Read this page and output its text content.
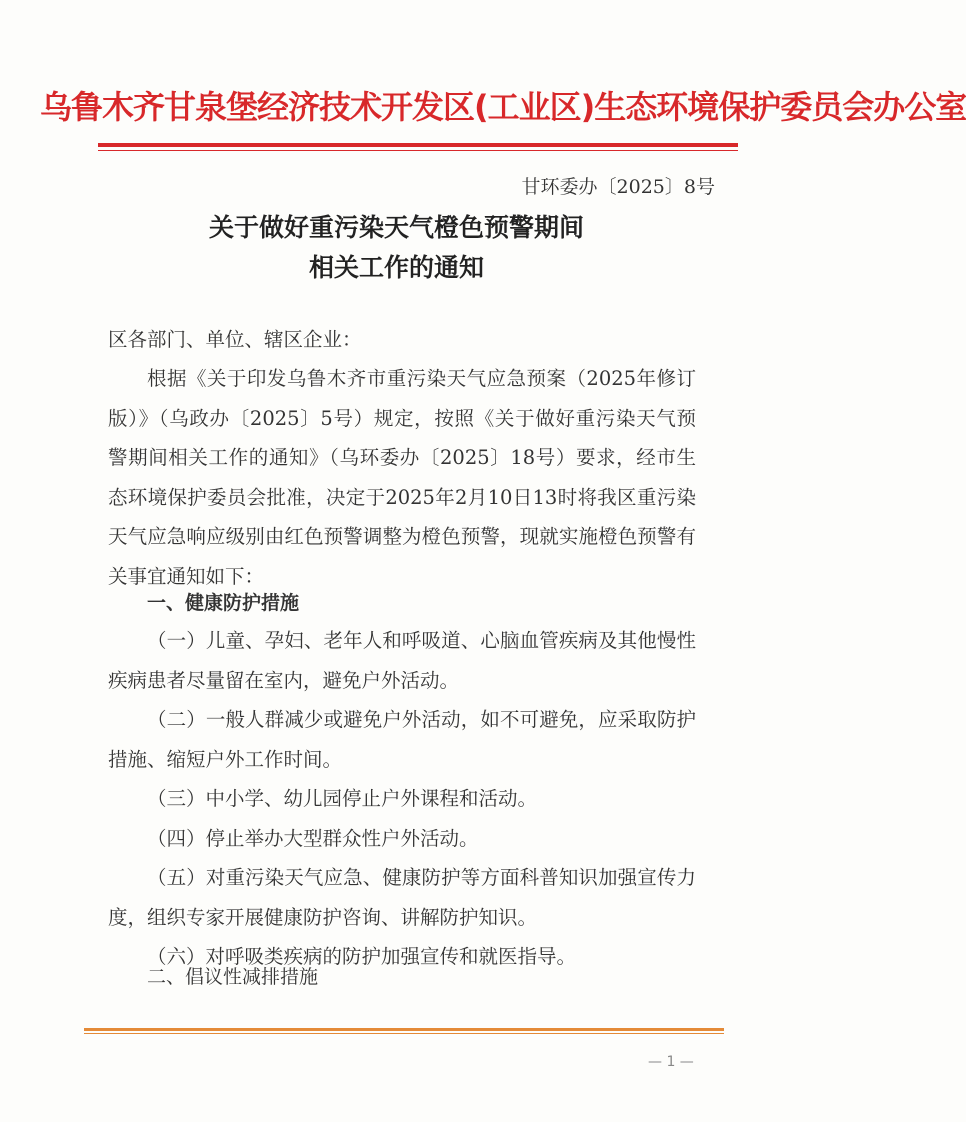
乌鲁木齐甘泉堡经济技术开发区(工业区)生态环境保护委员会办公室
甘环委办〔2025〕8号
关于做好重污染天气橙色预警期间
相关工作的通知
区各部门、单位、辖区企业：

根据《关于印发乌鲁木齐市重污染天气应急预案（2025年修订版）》（乌政办〔2025〕5号）规定，按照《关于做好重污染天气预警期间相关工作的通知》（乌环委办〔2025〕18号）要求，经市生态环境保护委员会批准，决定于2025年2月10日13时将我区重污染天气应急响应级别由红色预警调整为橙色预警，现就实施橙色预警有关事宜通知如下：

一、健康防护措施

（一）儿童、孕妇、老年人和呼吸道、心脑血管疾病及其他慢性疾病患者尽量留在室内，避免户外活动。

（二）一般人群减少或避免户外活动，如不可避免，应采取防护措施、缩短户外工作时间。

（三）中小学、幼儿园停止户外课程和活动。

（四）停止举办大型群众性户外活动。

（五）对重污染天气应急、健康防护等方面科普知识加强宣传力度，组织专家开展健康防护咨询、讲解防护知识。

（六）对呼吸类疾病的防护加强宣传和就医指导。

二、倡议性减排措施
— 1 —
